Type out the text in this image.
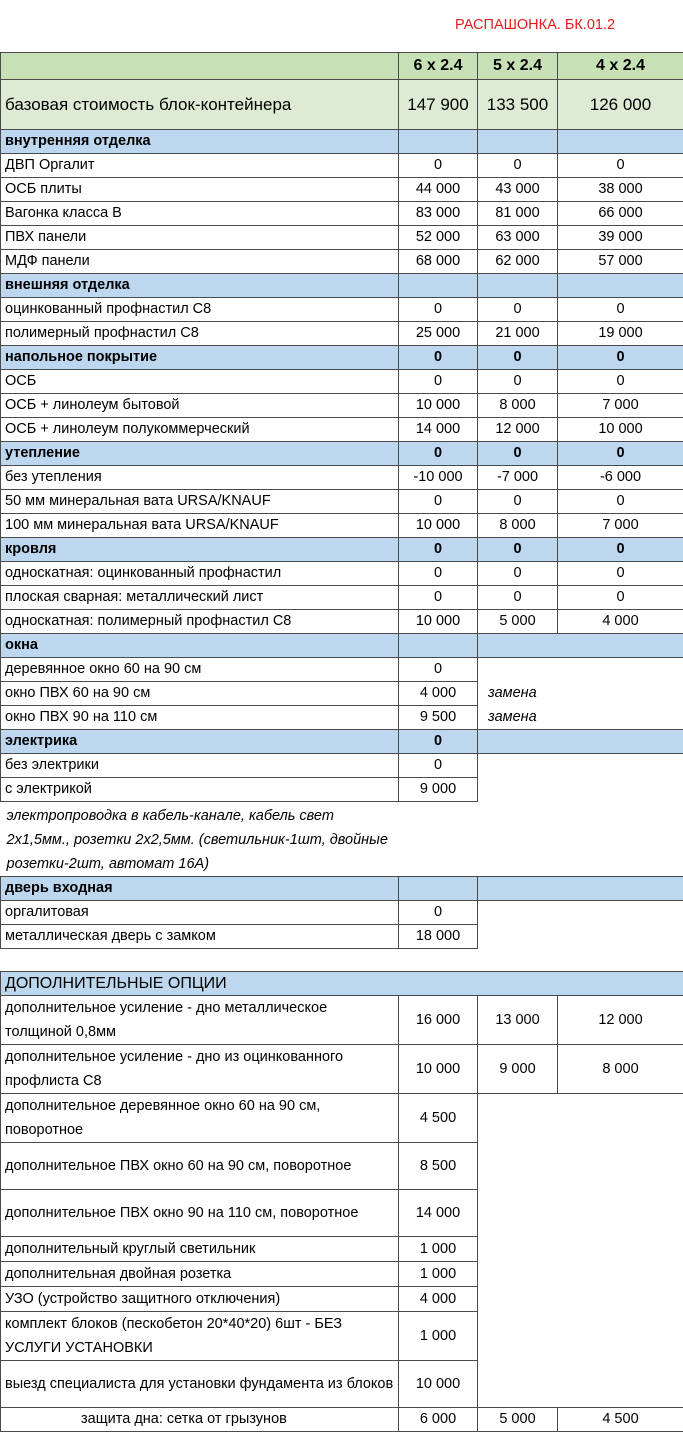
РАСПАШОНКА. БК.01.2
	6 x 2.4	5 x 2.4	4 x 2.4
базовая стоимость блок-контейнера	147 900	133 500	126 000
внутренняя отделка			
ДВП Оргалит	0	0	0
ОСБ плиты	44 000	43 000	38 000
Вагонка класса В	83 000	81 000	66 000
ПВХ панели	52 000	63 000	39 000
МДФ панели	68 000	62 000	57 000
внешняя отделка			
оцинкованный профнастил С8	0	0	0
полимерный профнастил С8	25 000	21 000	19 000
напольное покрытие	0	0	0
ОСБ	0	0	0
ОСБ + линолеум бытовой	10 000	8 000	7 000
ОСБ + линолеум полукоммерческий	14 000	12 000	10 000
утепление	0	0	0
без утепления	-10 000	-7 000	-6 000
50 мм минеральная вата URSA/KNAUF	0	0	0
100 мм минеральная вата URSA/KNAUF	10 000	8 000	7 000
кровля	0	0	0
односкатная: оцинкованный профнастил	0	0	0
плоская сварная: металлический лист	0	0	0
односкатная: полимерный профнастил С8	10 000	5 000	4 000
окна			
деревянное окно 60 на 90 см	0		
окно ПВХ 60 на 90 см	4 000	замена	
окно ПВХ 90 на 110 см	9 500	замена	
электрика	0		
без электрики	0		
с электрикой	9 000		
электропроводка в кабель-канале, кабель свет 2х1,5мм., розетки 2х2,5мм. (светильник-1шт, двойные розетки-2шт, автомат 16А)			
дверь входная			
оргалитовая	0		
металлическая дверь с замком	18 000		

ДОПОЛНИТЕЛЬНЫЕ ОПЦИИ			
дополнительное усиление - дно металлическое толщиной 0,8мм	16 000	13 000	12 000
дополнительное усиление - дно из оцинкованного профлиста С8	10 000	9 000	8 000
дополнительное деревянное окно 60 на 90 см, поворотное	4 500		
дополнительное ПВХ окно 60 на 90 см, поворотное	8 500		
дополнительное ПВХ окно 90 на 110 см, поворотное	14 000		
дополнительный круглый светильник	1 000		
дополнительная двойная розетка	1 000		
УЗО (устройство защитного отключения)	4 000		
комплект блоков (пескобетон 20*40*20) 6шт - БЕЗ УСЛУГИ УСТАНОВКИ	1 000		
выезд специалиста для установки фундамента из блоков	10 000		
защита дна: сетка от грызунов	6 000	5 000	4 500
